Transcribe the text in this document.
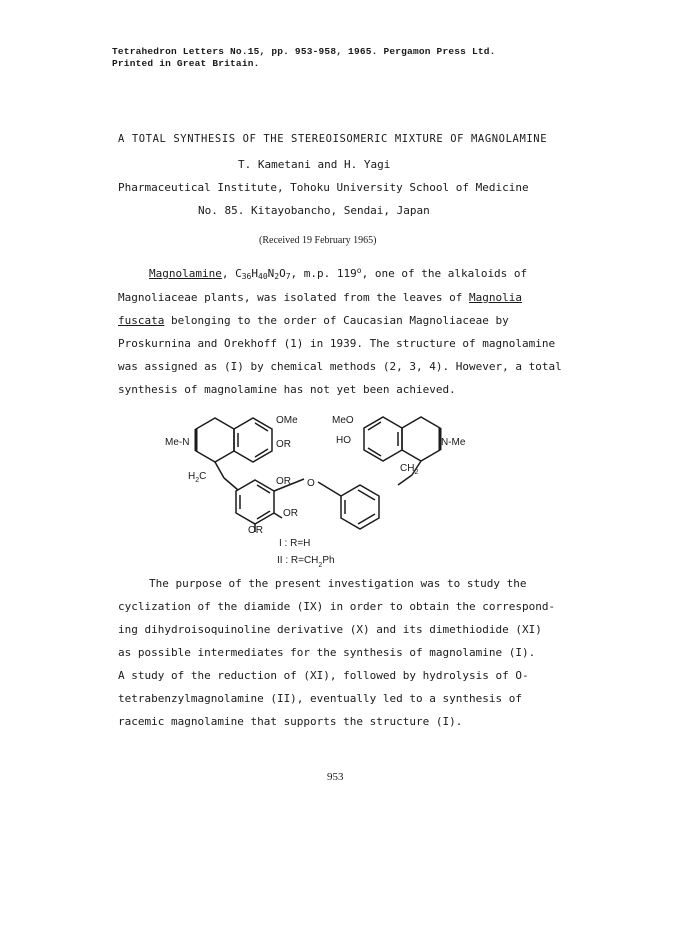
Tetrahedron Letters No.15, pp. 953-958, 1965. Pergamon Press Ltd.
Printed in Great Britain.
A TOTAL SYNTHESIS OF THE STEREOISOMERIC MIXTURE OF MAGNOLAMINE
T. Kametani and H. Yagi
Pharmaceutical Institute, Tohoku University School of Medicine
No. 85. Kitayobancho, Sendai, Japan
(Received 19 February 1965)
Magnolamine, $C_{36}H_{40}N_2O_7$, m.p. 119$^o$, one of the alkaloids of
Magnoliaceae plants, was isolated from the leaves of Magnolia
fuscata belonging to the order of Caucasian Magnoliaceae by
Proskurnina and Orekhoff (1) in 1939. The structure of magnolamine
was assigned as (I) by chemical methods (2, 3, 4). However, a total
synthesis of magnolamine has not yet been achieved.
OMe
OR
Me-N
MeO
HO	N-Me
$H_2C$
$CH_2$
O
OR
OR
OR
I : R=H
II : $R=CH_2Ph$
The purpose of the present investigation was to study the
cyclization of the diamide (IX) in order to obtain the correspond-
ing dihydroisoquinoline derivative (X) and its dimethiodide (XI)
as possible intermediates for the synthesis of magnolamine (I).
A study of the reduction of (XI), followed by hydrolysis of O-
tetrabenzylmagnolamine (II), eventually led to a synthesis of
racemic magnolamine that supports the structure (I).
953
